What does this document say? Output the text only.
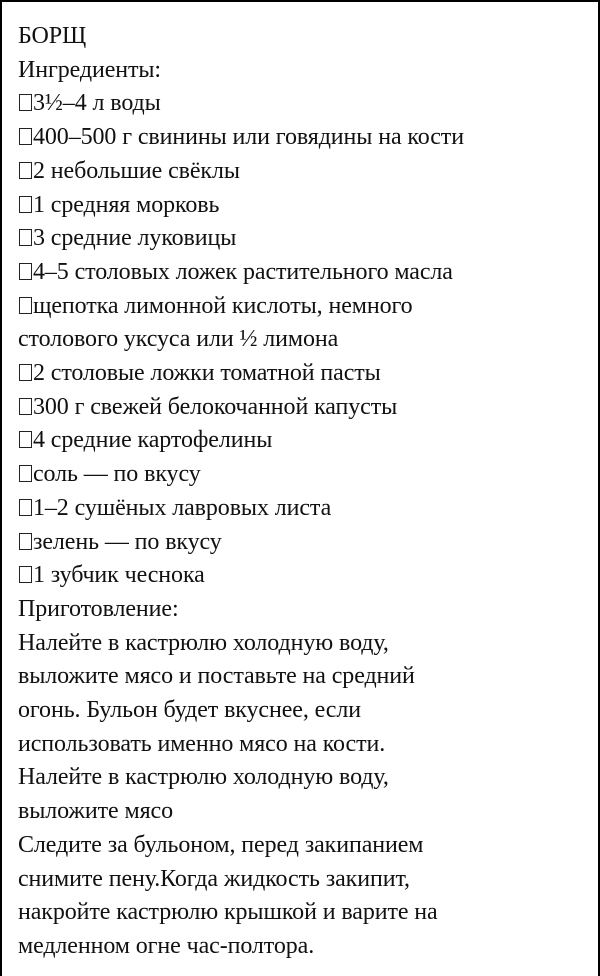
БОРЩ
Ингредиенты:
3½–4 л воды
400–500 г свинины или говядины на кости
2 небольшие свёклы
1 средняя морковь
3 средние луковицы
4–5 столовых ложек растительного масла
щепотка лимонной кислоты, немного
столового уксуса или ½ лимона
2 столовые ложки томатной пасты
300 г свежей белокочанной капусты
4 средние картофелины
соль — по вкусу
1–2 сушёных лавровых листа
зелень — по вкусу
1 зубчик чеснока
Приготовление:
Налейте в кастрюлю холодную воду,
выложите мясо и поставьте на средний
огонь. Бульон будет вкуснее, если
использовать именно мясо на кости.
Налейте в кастрюлю холодную воду,
выложите мясо
Следите за бульоном, перед закипанием
снимите пену.Когда жидкость закипит,
накройте кастрюлю крышкой и варите на
медленном огне час-полтора.
